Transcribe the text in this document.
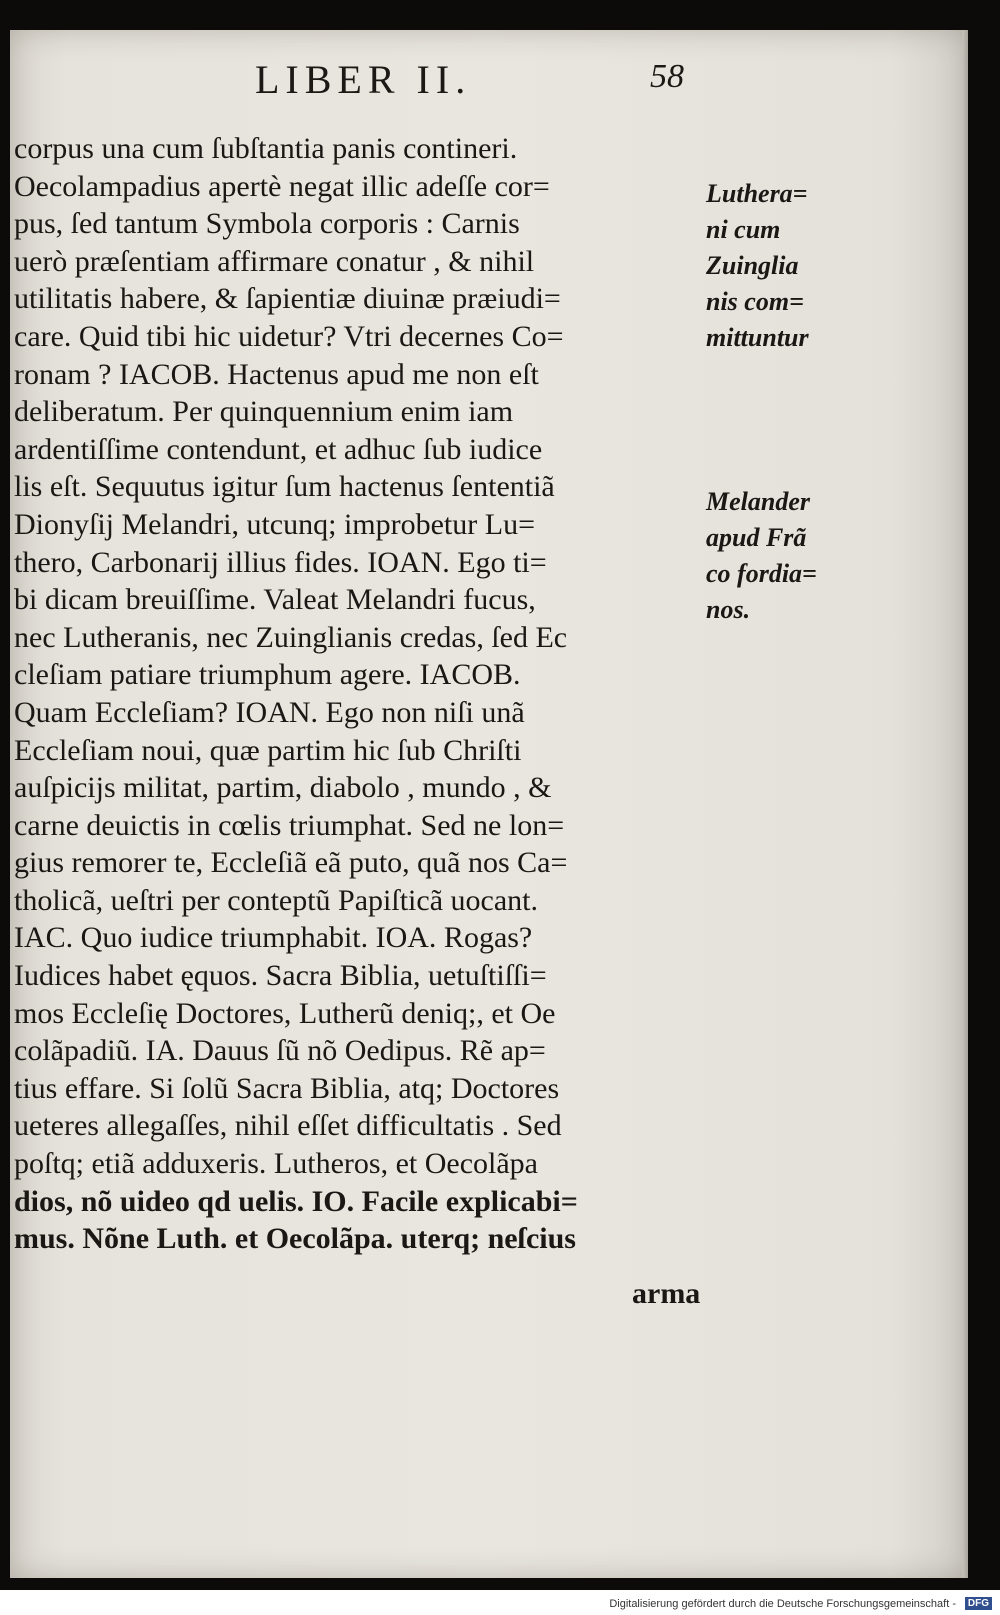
LIBER II.	58
corpus una cum ſubſtantia panis contineri.
Oecolampadius apertè negat illic adeſſe cor=
pus, ſed tantum Symbola corporis : Carnis
uerò præſentiam affirmare conatur , & nihil
utilitatis habere, & ſapientiæ diuinæ præiudi=
care. Quid tibi hic uidetur? Vtri decernes Co=
ronam ? IACOB. Hactenus apud me non eſt
deliberatum. Per quinquennium enim iam
ardentiſſime contendunt, et adhuc ſub iudice
lis eſt. Sequutus igitur ſum hactenus ſententiã
Dionyſij Melandri, utcunq; improbetur Lu=
thero, Carbonarij illius fides. IOAN. Ego ti=
bi dicam breuiſſime. Valeat Melandri fucus,
nec Lutheranis, nec Zuinglianis credas, ſed Ec
cleſiam patiare triumphum agere. IACOB.
Quam Eccleſiam? IOAN. Ego non niſi unã
Eccleſiam noui, quæ partim hic ſub Chriſti
auſpicijs militat, partim, diabolo , mundo , &
carne deuictis in cœlis triumphat. Sed ne lon=
gius remorer te, Eccleſiã eã puto, quã nos Ca=
tholicã, ueſtri per conteptũ Papiſticã uocant.
IAC. Quo iudice triumphabit. IOA. Rogas?
Iudices habet ęquos. Sacra Biblia, uetuſtiſſi=
mos Eccleſię Doctores, Lutherũ deniq;, et Oe
colãpadiũ. IA. Dauus ſũ nõ Oedipus. Rẽ ap=
tius effare. Si ſolũ Sacra Biblia, atq; Doctores
ueteres allegaſſes, nihil eſſet difficultatis . Sed
poſtq; etiã adduxeris. Lutheros, et Oecolãpa
dios, nõ uideo qd uelis. IO. Facile explicabi=
mus. Nõne Luth. et Oecolãpa. uterq; neſcius
arma
Luthera=
ni cum
Zuinglia
nis com=
mittuntur
Melander
apud Frã
co fordia=
nos.
Digitalisierung gefördert durch die Deutsche Forschungsgemeinschaft -	DFG
